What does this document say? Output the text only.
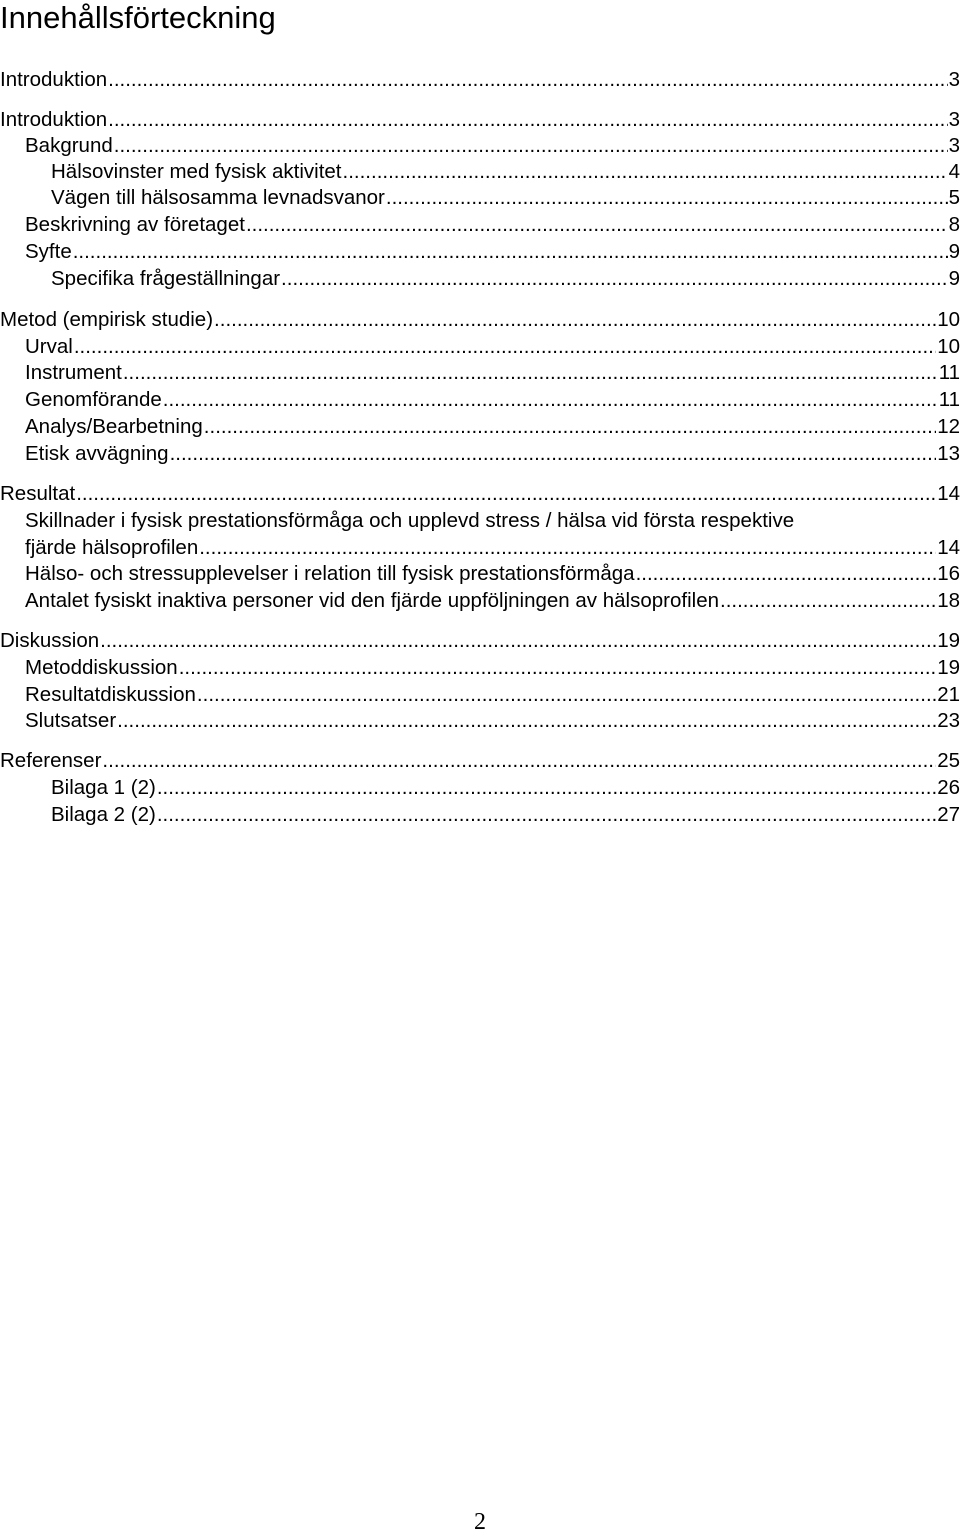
Innehållsförteckning
Introduktion .....	3
Introduktion .....	3
Bakgrund .....	3
Hälsovinster med fysisk aktivitet .....	4
Vägen till hälsosamma levnadsvanor .....	5
Beskrivning av företaget .....	8
Syfte .....	9
Specifika frågeställningar .....	9
Metod (empirisk studie) .....	10
Urval .....	10
Instrument .....	11
Genomförande .....	11
Analys/Bearbetning .....	12
Etisk avvägning .....	13
Resultat .....	14
Skillnader i fysisk prestationsförmåga och upplevd stress / hälsa vid första respektive
fjärde hälsoprofilen .....	14
Hälso- och stressupplevelser i relation till fysisk prestationsförmåga .....	16
Antalet fysiskt inaktiva personer vid den fjärde uppföljningen av hälsoprofilen .....	18
Diskussion .....	19
Metoddiskussion .....	19
Resultatdiskussion .....	21
Slutsatser .....	23
Referenser .....	25
Bilaga 1 (2) .....	26
Bilaga 2 (2) .....	27
2
